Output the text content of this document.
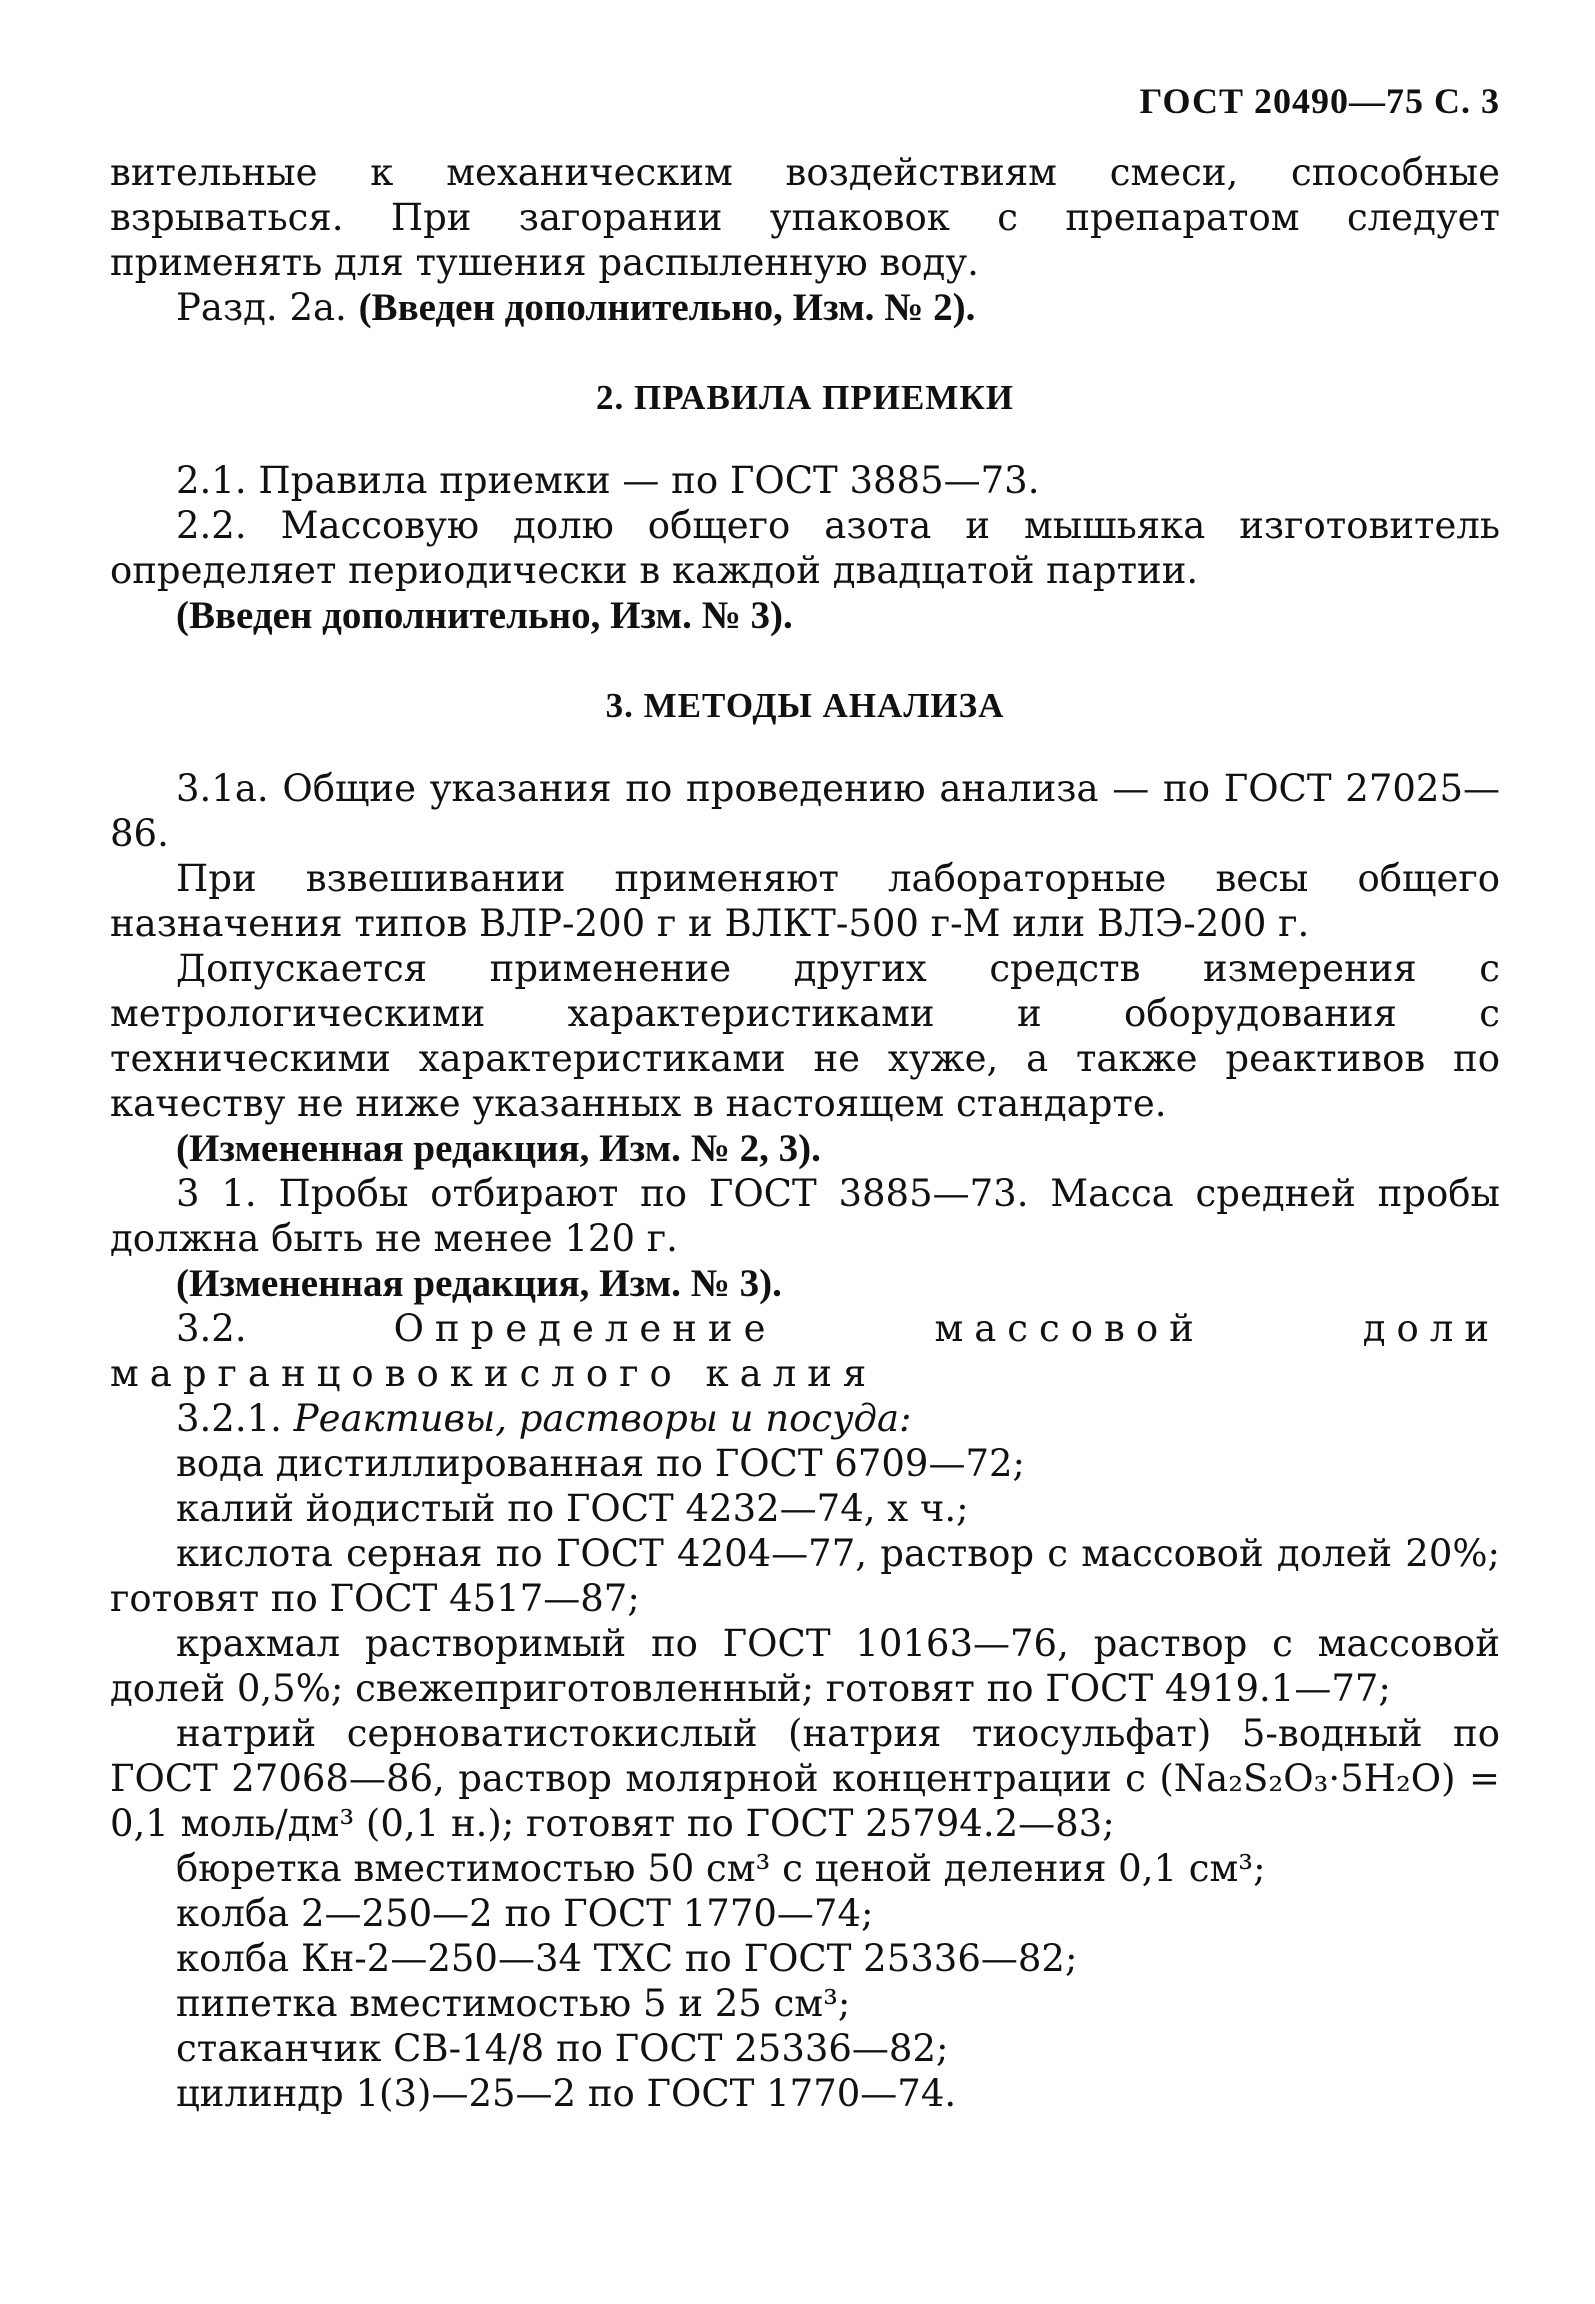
ГОСТ 20490—75 С. 3

вительные к механическим воздействиям смеси, способные взрываться. При загорании упаковок с препаратом следует применять для тушения распыленную воду.

Разд. 2а. (Введен дополнительно, Изм. № 2).

2. ПРАВИЛА ПРИЕМКИ

2.1. Правила приемки — по ГОСТ 3885—73.

2.2. Массовую долю общего азота и мышьяка изготовитель определяет периодически в каждой двадцатой партии.

(Введен дополнительно, Изм. № 3).

3. МЕТОДЫ АНАЛИЗА

3.1а. Общие указания по проведению анализа — по ГОСТ 27025—86.

При взвешивании применяют лабораторные весы общего назначения типов ВЛР-200 г и ВЛКТ-500 г-М или ВЛЭ-200 г.

Допускается применение других средств измерения с метрологическими характеристиками и оборудования с техническими характеристиками не хуже, а также реактивов по качеству не ниже указанных в настоящем стандарте.

(Измененная редакция, Изм. № 2, 3).

3 1. Пробы отбирают по ГОСТ 3885—73. Масса средней пробы должна быть не менее 120 г.

(Измененная редакция, Изм. № 3).

3.2. Определение массовой доли марганцовокислого калия

3.2.1. Реактивы, растворы и посуда:

вода дистиллированная по ГОСТ 6709—72;

калий йодистый по ГОСТ 4232—74, х ч.;

кислота серная по ГОСТ 4204—77, раствор с массовой долей 20%; готовят по ГОСТ 4517—87;

крахмал растворимый по ГОСТ 10163—76, раствор с массовой долей 0,5%; свежеприготовленный; готовят по ГОСТ 4919.1—77;

натрий серноватистокислый (натрия тиосульфат) 5-водный по ГОСТ 27068—86, раствор молярной концентрации c (Na₂S₂O₃·5H₂O) = 0,1 моль/дм³ (0,1 н.); готовят по ГОСТ 25794.2—83;

бюретка вместимостью 50 см³ с ценой деления 0,1 см³;

колба 2—250—2 по ГОСТ 1770—74;

колба Кн-2—250—34 ТХС по ГОСТ 25336—82;

пипетка вместимостью 5 и 25 см³;

стаканчик СВ-14/8 по ГОСТ 25336—82;

цилиндр 1(3)—25—2 по ГОСТ 1770—74.
